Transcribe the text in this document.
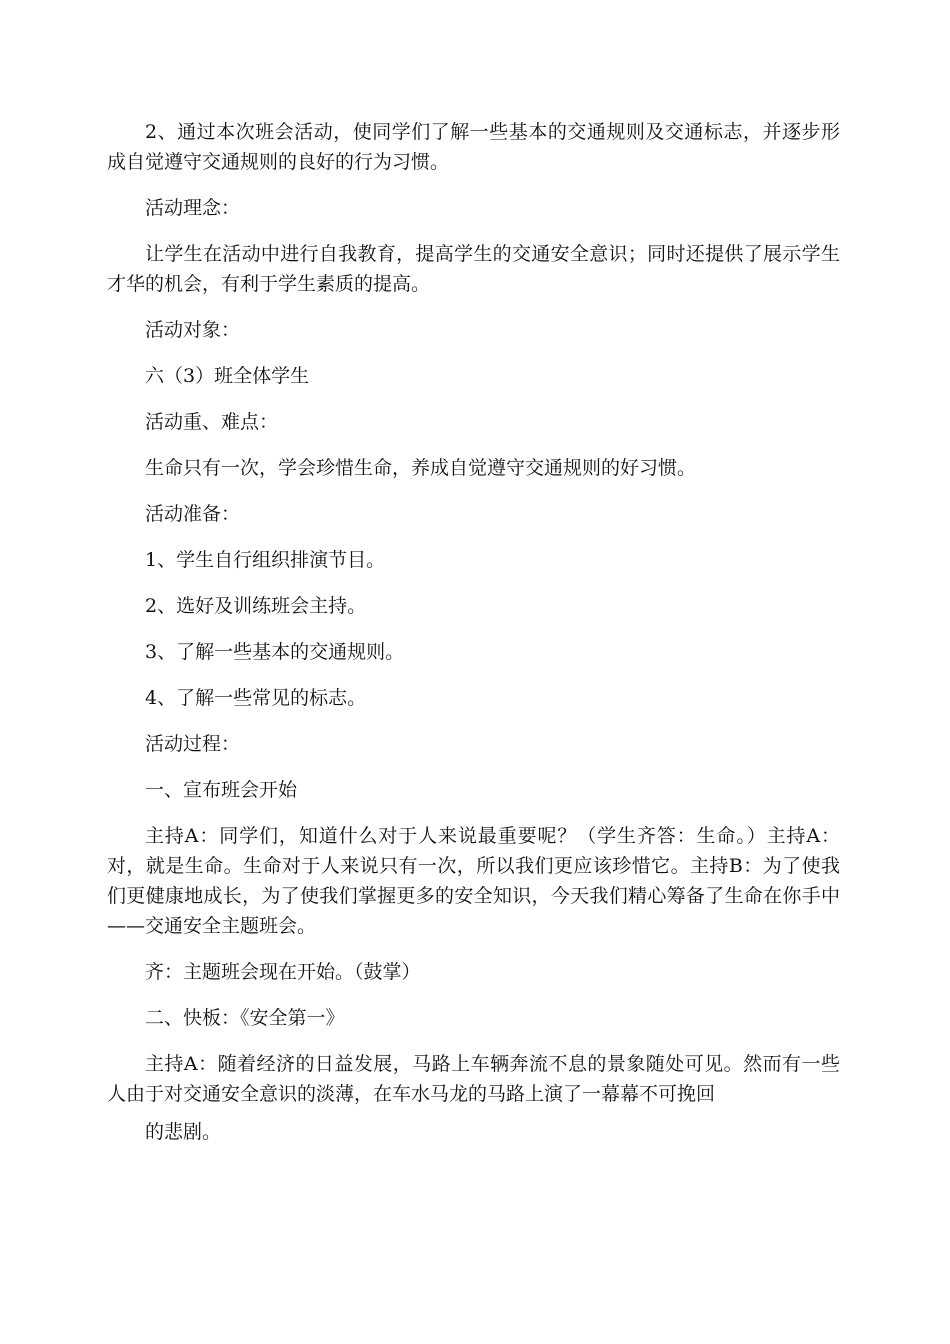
2、通过本次班会活动，使同学们了解一些基本的交通规则及交通标志，并逐步形成自觉遵守交通规则的良好的行为习惯。

活动理念：

让学生在活动中进行自我教育，提高学生的交通安全意识；同时还提供了展示学生才华的机会，有利于学生素质的提高。

活动对象：

六（3）班全体学生

活动重、难点：

生命只有一次，学会珍惜生命，养成自觉遵守交通规则的好习惯。

活动准备：

1、学生自行组织排演节目。

2、选好及训练班会主持。

3、了解一些基本的交通规则。

4、了解一些常见的标志。

活动过程：

一、宣布班会开始

主持A：同学们，知道什么对于人来说最重要呢？（学生齐答：生命。）主持A：对，就是生命。生命对于人来说只有一次，所以我们更应该珍惜它。主持B：为了使我们更健康地成长，为了使我们掌握更多的安全知识，今天我们精心筹备了生命在你手中——交通安全主题班会。

齐：主题班会现在开始。（鼓掌）

二、快板：《安全第一》

主持A：随着经济的日益发展，马路上车辆奔流不息的景象随处可见。然而有一些人由于对交通安全意识的淡薄，在车水马龙的马路上演了一幕幕不可挽回

的悲剧。
